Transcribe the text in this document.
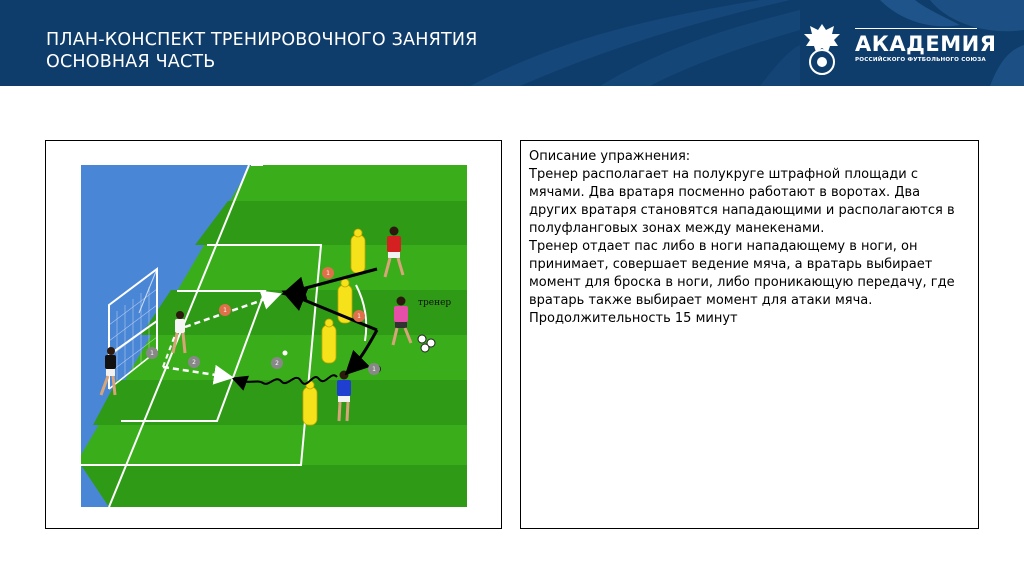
ПЛАН-КОНСПЕКТ ТРЕНИРОВОЧНОГО ЗАНЯТИЯ
ОСНОВНАЯ ЧАСТЬ
АКАДЕМИЯ
РОССИЙСКОГО ФУТБОЛЬНОГО СОЮЗА
1
1
1
2
2
1
1
тренер

Описание упражнения:

Тренер располагает на полукруге штрафной площади с мячами. Два вратаря посменно работают в воротах. Два других вратаря становятся нападающими и располагаются в полуфланговых зонах между манекенами.

Тренер отдает пас либо в ноги нападающему в ноги, он принимает, совершает ведение мяча, а вратарь выбирает момент для броска в ноги, либо проникающую передачу, где вратарь также выбирает момент для атаки мяча.

Продолжительность 15 минут
